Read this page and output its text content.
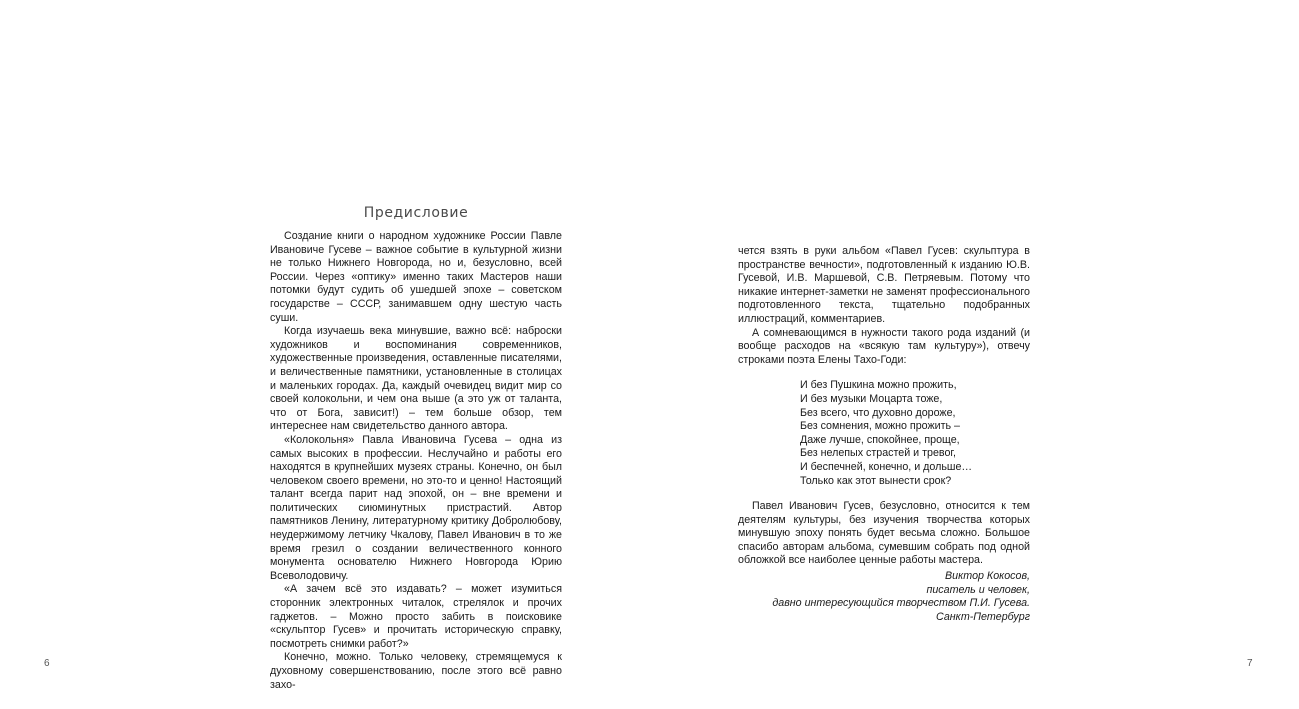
Предисловие

Создание книги о народном художнике России Павле Ивановиче Гусеве – важное событие в культурной жизни не только Нижнего Новгорода, но и, безусловно, всей России. Через «оптику» именно таких Мастеров наши потомки будут судить об ушедшей эпохе – советском государстве – СССР, занимавшем одну шестую часть суши.

Когда изучаешь века минувшие, важно всё: наброски художников и воспоминания современников, художественные произведения, оставленные писателями, и величественные памятники, установленные в столицах и маленьких городах. Да, каждый очевидец видит мир со своей колокольни, и чем она выше (а это уж от таланта, что от Бога, зависит!) – тем больше обзор, тем интереснее нам свидетельство данного автора.

«Колокольня» Павла Ивановича Гусева – одна из самых высоких в профессии. Неслучайно и работы его находятся в крупнейших музеях страны. Конечно, он был человеком своего времени, но это-то и ценно! Настоящий талант всегда парит над эпохой, он – вне времени и политических сиюминутных пристрастий. Автор памятников Ленину, литературному критику Добролюбову, неудержимому летчику Чкалову, Павел Иванович в то же время грезил о создании величественного конного монумента основателю Нижнего Новгорода Юрию Всеволодовичу.

«А зачем всё это издавать? – может изумиться сторонник электронных читалок, стрелялок и прочих гаджетов. – Можно просто забить в поисковике «скульптор Гусев» и прочитать историческую справку, посмотреть снимки работ?»

Конечно, можно. Только человеку, стремящемуся к духовному совершенствованию, после этого всё равно захо-

6

чется взять в руки альбом «Павел Гусев: скульптура в пространстве вечности», подготовленный к изданию Ю.В. Гусевой, И.В. Маршевой, С.В. Петряевым. Потому что никакие интернет-заметки не заменят профессионального подготовленного текста, тщательно подобранных иллюстраций, комментариев.

А сомневающимся в нужности такого рода изданий (и вообще расходов на «всякую там культуру»), отвечу строками поэта Елены Тахо-Годи:

И без Пушкина можно прожить,
И без музыки Моцарта тоже,
Без всего, что духовно дороже,
Без сомнения, можно прожить –
Даже лучше, спокойнее, проще,
Без нелепых страстей и тревог,
И беспечней, конечно, и дольше…
Только как этот вынести срок?

Павел Иванович Гусев, безусловно, относится к тем деятелям культуры, без изучения творчества которых минувшую эпоху понять будет весьма сложно. Большое спасибо авторам альбома, сумевшим собрать под одной обложкой все наиболее ценные работы мастера.

Виктор Кокосов,
писатель и человек,
давно интересующийся творчеством П.И. Гусева.
Санкт-Петербург
7
